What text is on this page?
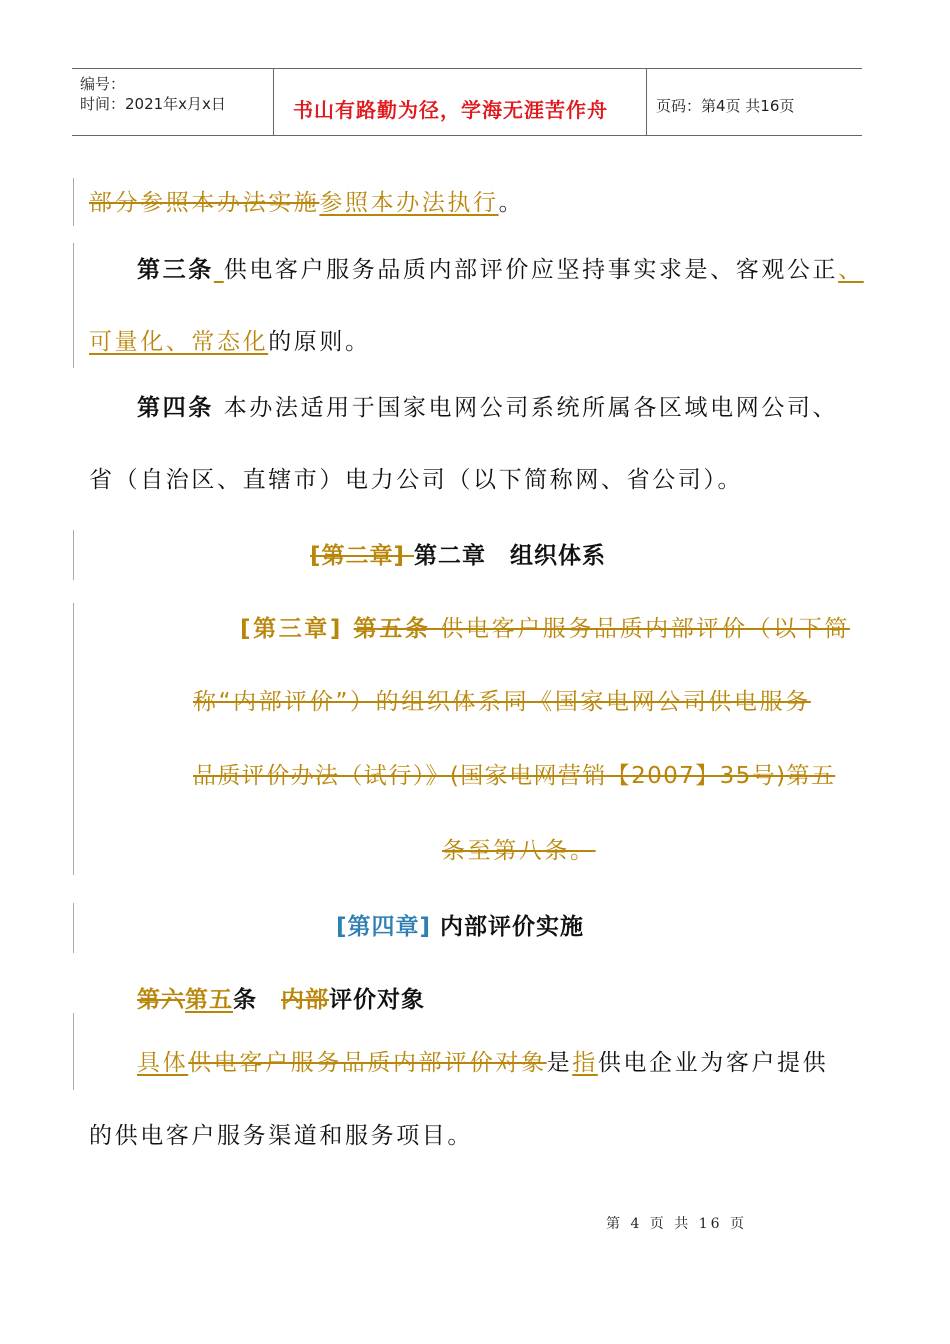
编号：
时间：2021年x月x日	书山有路勤为径，学海无涯苦作舟	页码：第4页 共16页
部分参照本办法实施参照本办法执行。
第三条 供电客户服务品质内部评价应坚持事实求是、客观公正、
可量化、常态化的原则。
第四条 本办法适用于国家电网公司系统所属各区域电网公司、
省（自治区、直辖市）电力公司（以下简称网、省公司）。
[第二章] 第二章　组织体系
[第三章] 第五条 供电客户服务品质内部评价（以下简
称“内部评价”）的组织体系同《国家电网公司供电服务
品质评价办法（试行）》(国家电网营销【2007】35号)第五
条至第八条。
[第四章] 内部评价实施
第六第五条　内部评价对象
具体供电客户服务品质内部评价对象是指供电企业为客户提供
的供电客户服务渠道和服务项目。
第 4 页 共 16 页
